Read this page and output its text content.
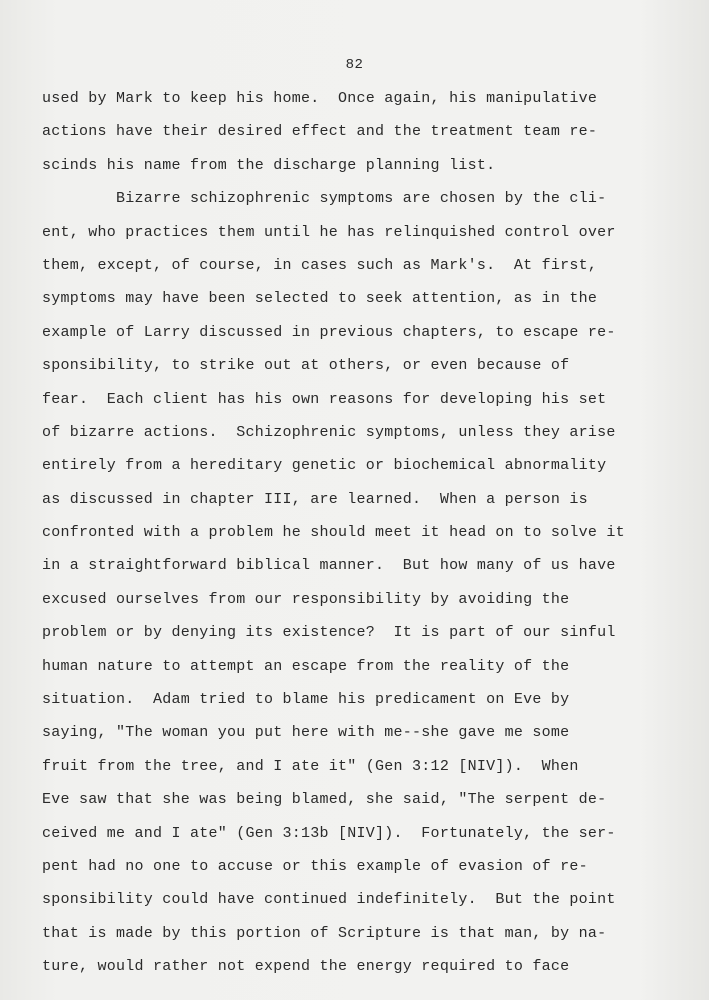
82
used by Mark to keep his home.  Once again, his manipulative
actions have their desired effect and the treatment team re-
scinds his name from the discharge planning list.
Bizarre schizophrenic symptoms are chosen by the cli-
ent, who practices them until he has relinquished control over
them, except, of course, in cases such as Mark's.  At first,
symptoms may have been selected to seek attention, as in the
example of Larry discussed in previous chapters, to escape re-
sponsibility, to strike out at others, or even because of
fear.  Each client has his own reasons for developing his set
of bizarre actions.  Schizophrenic symptoms, unless they arise
entirely from a hereditary genetic or biochemical abnormality
as discussed in chapter III, are learned.  When a person is
confronted with a problem he should meet it head on to solve it
in a straightforward biblical manner.  But how many of us have
excused ourselves from our responsibility by avoiding the
problem or by denying its existence?  It is part of our sinful
human nature to attempt an escape from the reality of the
situation.  Adam tried to blame his predicament on Eve by
saying, "The woman you put here with me--she gave me some
fruit from the tree, and I ate it" (Gen 3:12 [NIV]).  When
Eve saw that she was being blamed, she said, "The serpent de-
ceived me and I ate" (Gen 3:13b [NIV]).  Fortunately, the ser-
pent had no one to accuse or this example of evasion of re-
sponsibility could have continued indefinitely.  But the point
that is made by this portion of Scripture is that man, by na-
ture, would rather not expend the energy required to face
